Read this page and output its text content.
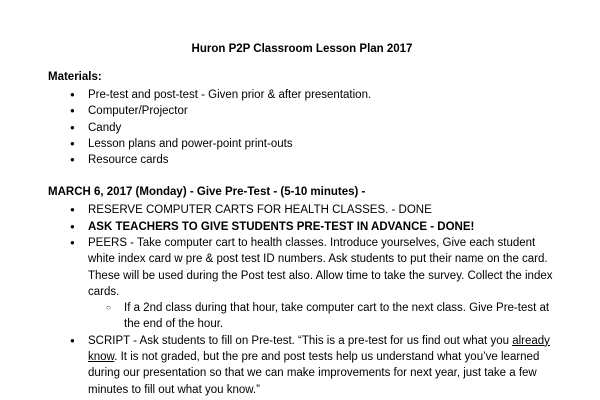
Huron P2P Classroom Lesson Plan 2017
Materials:
● Pre-test and post-test - Given prior & after presentation.
● Computer/Projector
● Candy
● Lesson plans and power-point print-outs
● Resource cards
MARCH 6, 2017 (Monday) - Give Pre-Test - (5-10 minutes) -
● RESERVE COMPUTER CARTS FOR HEALTH CLASSES. - DONE
● ASK TEACHERS TO GIVE STUDENTS PRE-TEST IN ADVANCE - DONE!
● PEERS - Take computer cart to health classes. Introduce yourselves, Give each student white index card w pre & post test ID numbers. Ask students to put their name on the card. These will be used during the Post test also. Allow time to take the survey. Collect the index cards.
○ If a 2nd class during that hour, take computer cart to the next class. Give Pre-test at the end of the hour.
● SCRIPT - Ask students to fill on Pre-test. “This is a pre-test for us find out what you already know. It is not graded, but the pre and post tests help us understand what you’ve learned during our presentation so that we can make improvements for next year, just take a few minutes to fill out what you know.”
